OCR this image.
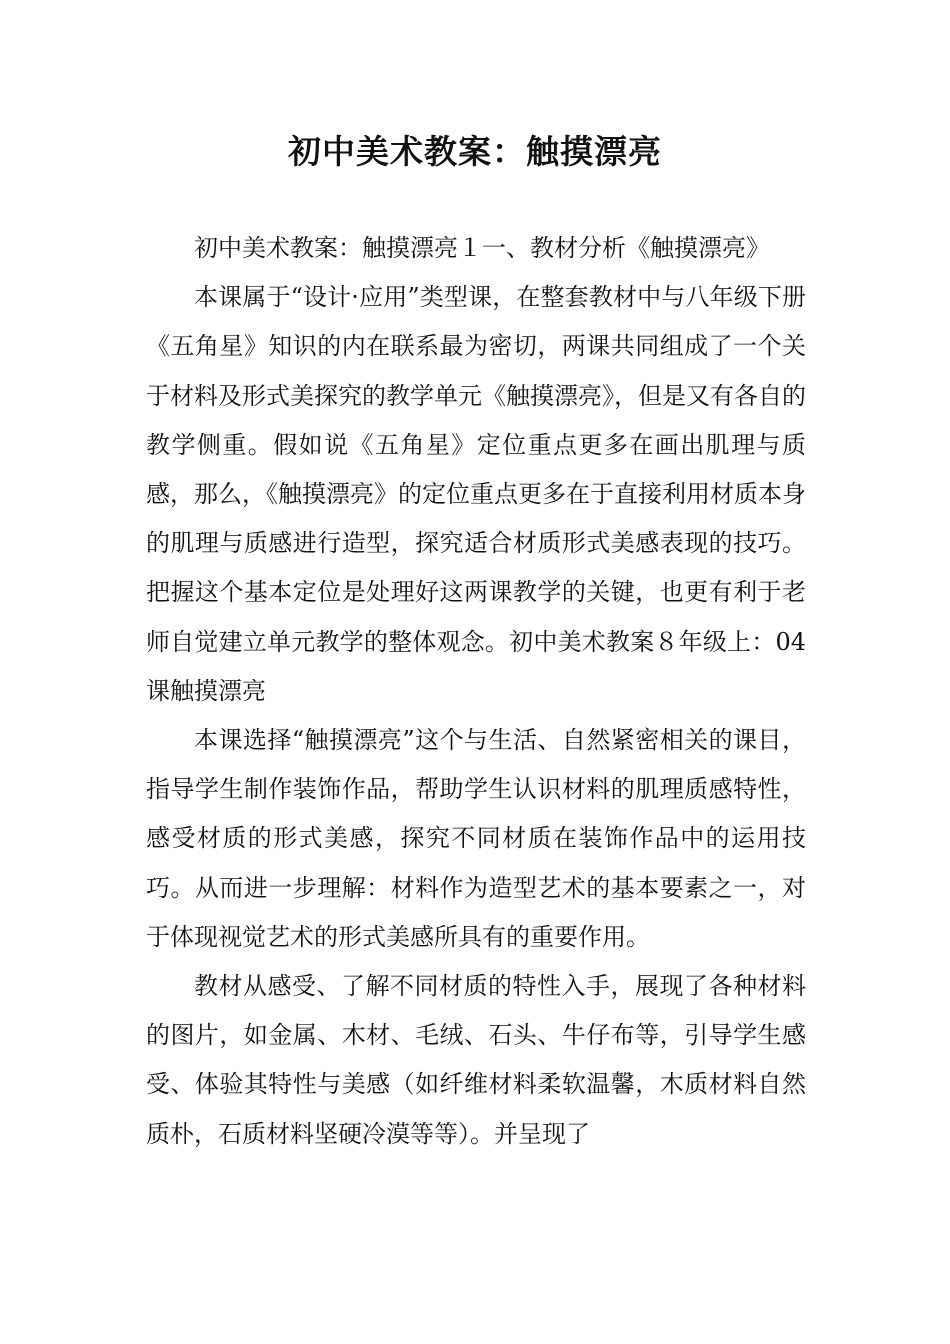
初中美术教案：触摸漂亮

初中美术教案：触摸漂亮１一、教材分析《触摸漂亮》

本课属于“设计·应用”类型课，在整套教材中与八年级下册《五角星》知识的内在联系最为密切，两课共同组成了一个关于材料及形式美探究的教学单元《触摸漂亮》，但是又有各自的教学侧重。假如说《五角星》定位重点更多在画出肌理与质感，那么，《触摸漂亮》的定位重点更多在于直接利用材质本身的肌理与质感进行造型，探究适合材质形式美感表现的技巧。把握这个基本定位是处理好这两课教学的关键，也更有利于老师自觉建立单元教学的整体观念。初中美术教案８年级上：04课触摸漂亮

本课选择“触摸漂亮”这个与生活、自然紧密相关的课目，指导学生制作装饰作品，帮助学生认识材料的肌理质感特性，感受材质的形式美感，探究不同材质在装饰作品中的运用技巧。从而进一步理解：材料作为造型艺术的基本要素之一，对于体现视觉艺术的形式美感所具有的重要作用。

教材从感受、了解不同材质的特性入手，展现了各种材料的图片，如金属、木材、毛绒、石头、牛仔布等，引导学生感受、体验其特性与美感（如纤维材料柔软温馨，木质材料自然质朴，石质材料坚硬冷漠等等）。并呈现了
